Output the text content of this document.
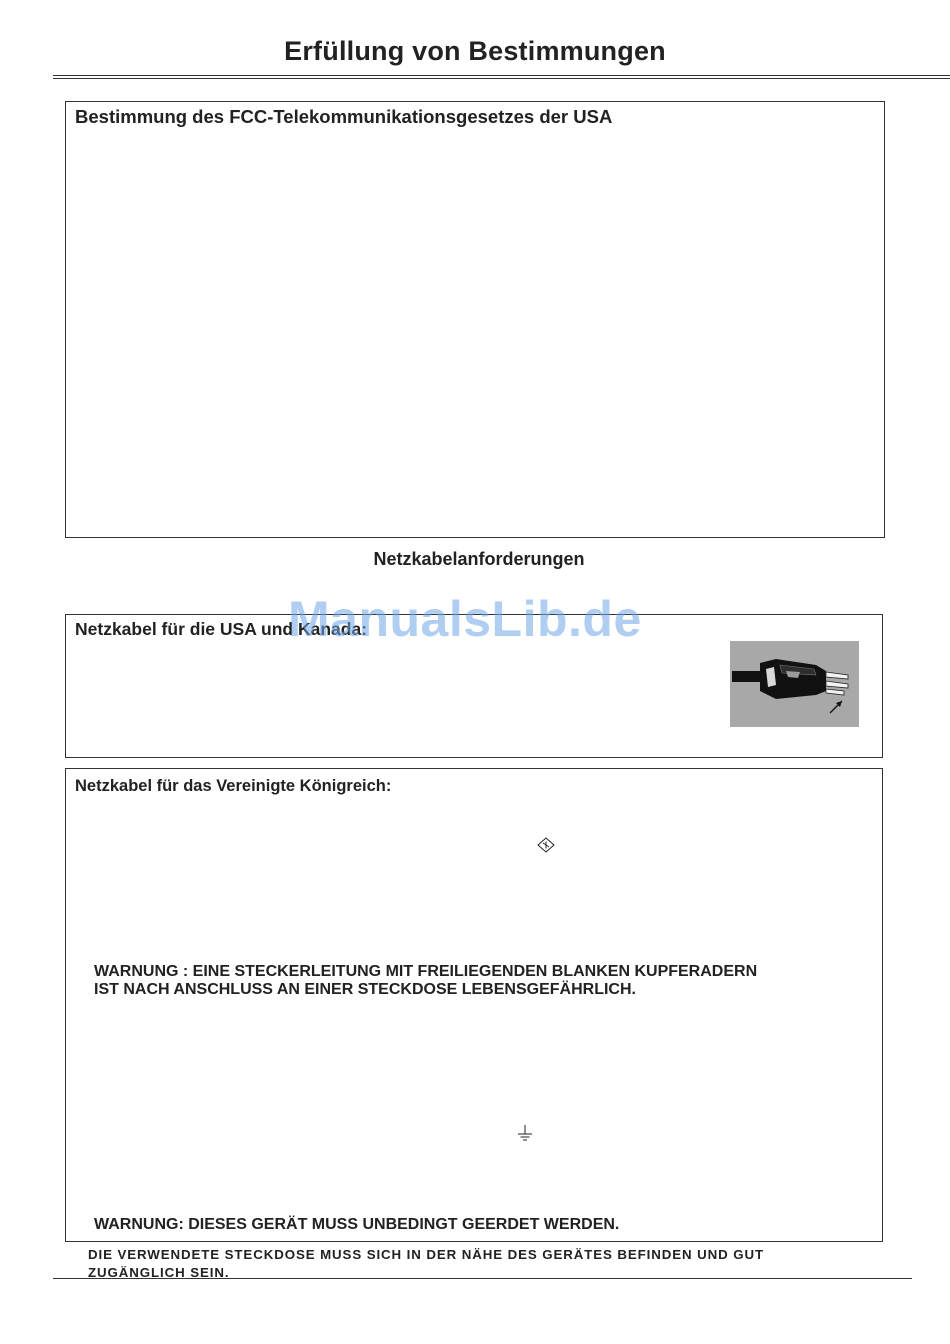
Erfüllung von Bestimmungen
Bestimmung des FCC-Telekommunikationsgesetzes der USA
Netzkabelanforderungen
Netzkabel für die USA und Kanada:
Netzkabel für das Vereinigte Königreich:

WARNUNG : EINE STECKERLEITUNG MIT FREILIEGENDEN BLANKEN KUPFERADERN

IST NACH ANSCHLUSS AN EINER STECKDOSE LEBENSGEFÄHRLICH.

WARNUNG: DIESES GERÄT MUSS UNBEDINGT GEERDET WERDEN.

DIE VERWENDETE STECKDOSE MUSS SICH IN DER NÄHE DES GERÄTES BEFINDEN UND GUT
ZUGÄNGLICH SEIN.

ManualsLib.de
